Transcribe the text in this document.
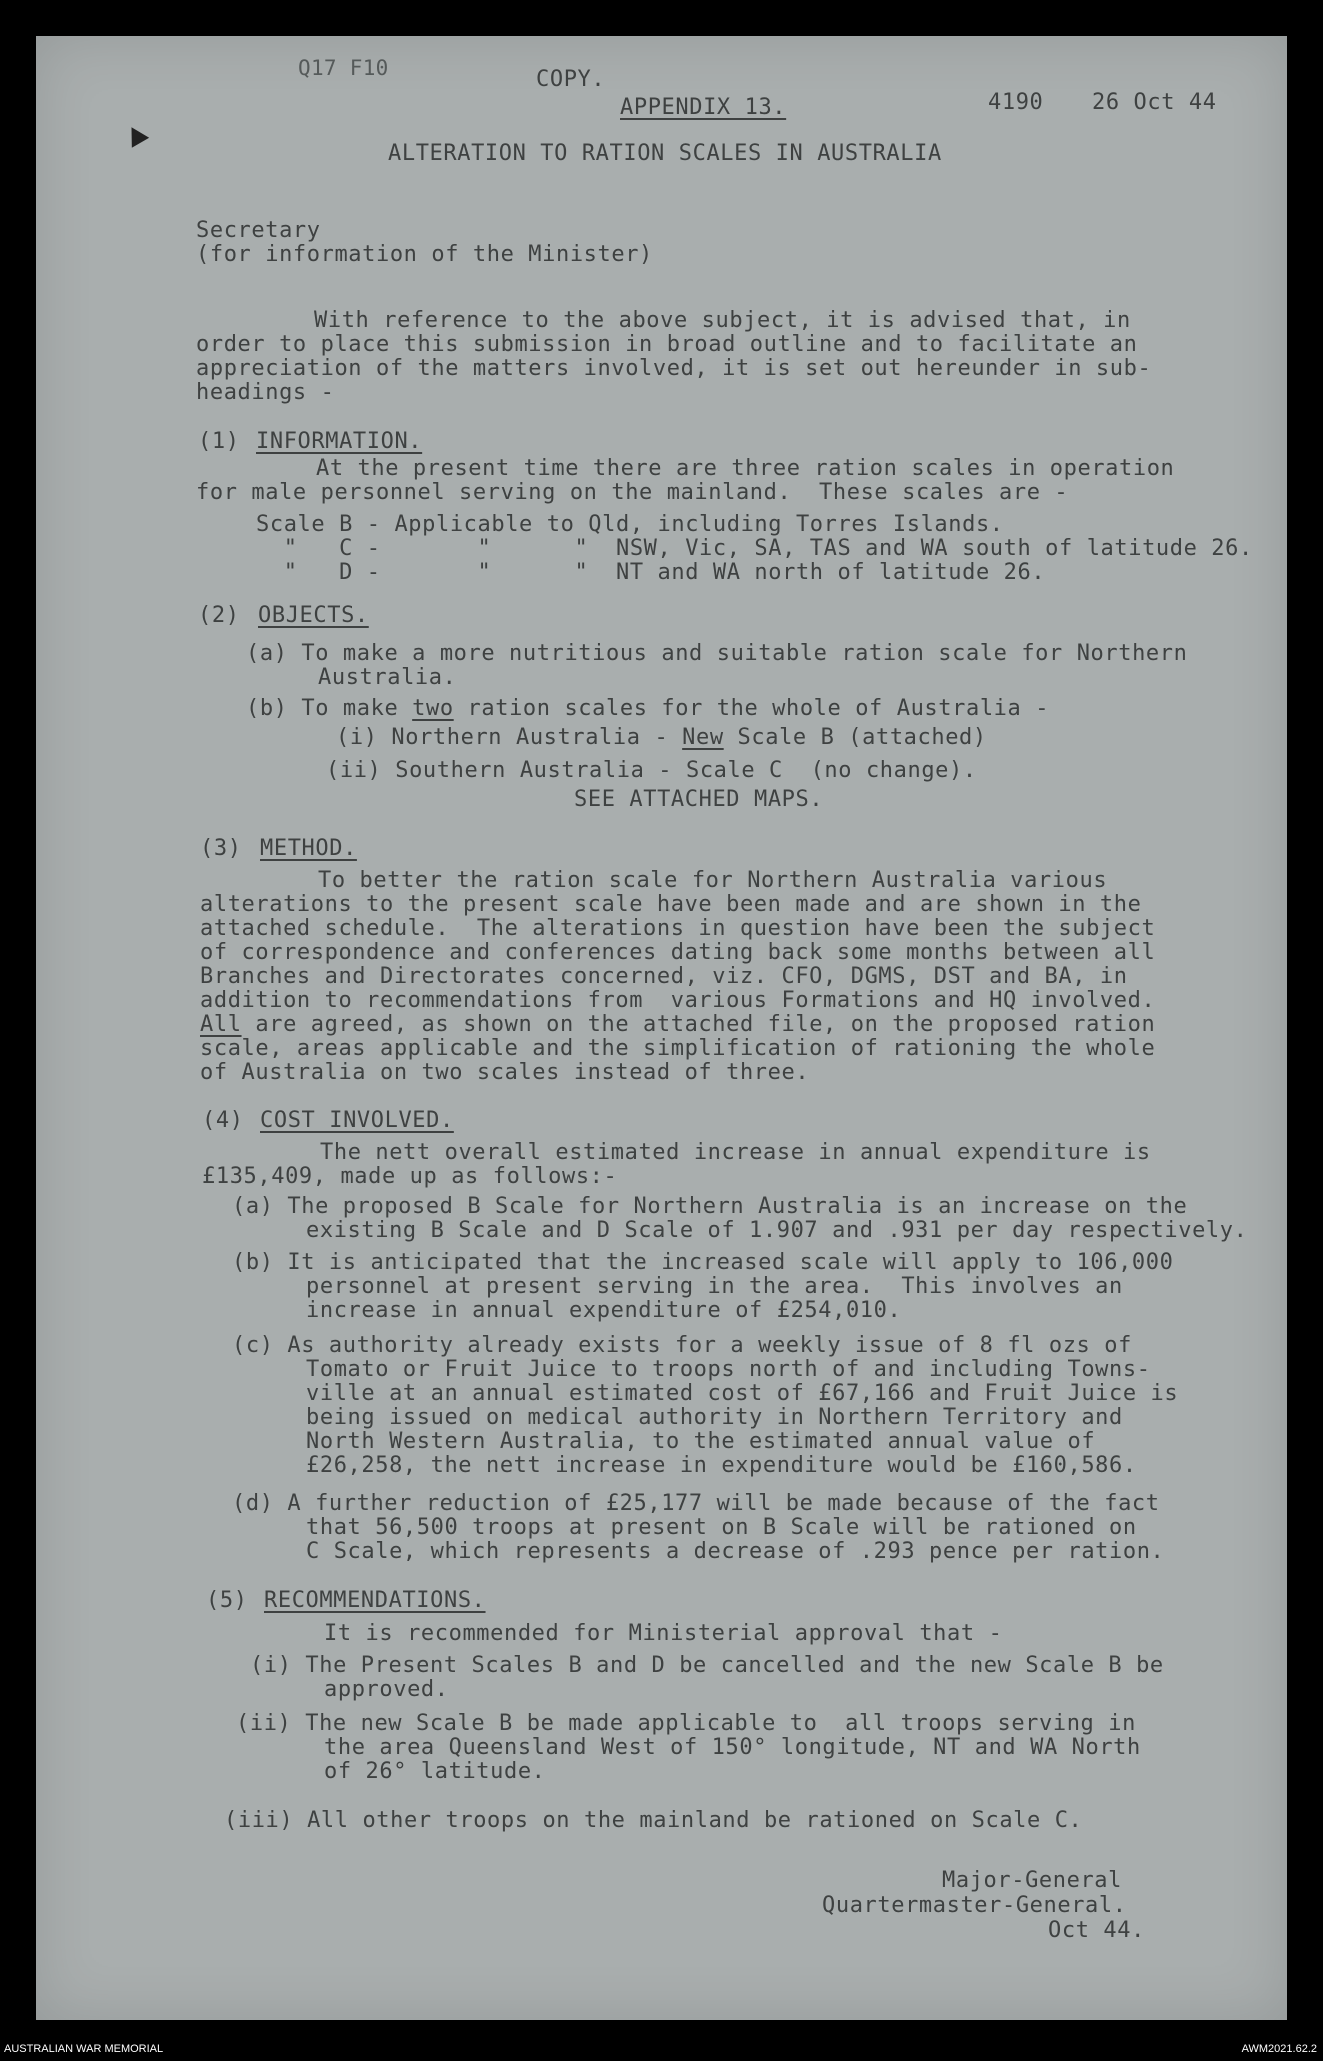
Q17 F10	COPY.
APPENDIX 13.	4190 26 Oct 44
ALTERATION TO RATION SCALES IN AUSTRALIA
Secretary
(for information of the Minister)
With reference to the above subject, it is advised that, in
order to place this submission in broad outline and to facilitate an
appreciation of the matters involved, it is set out hereunder in sub-
headings -
(1) INFORMATION.
At the present time there are three ration scales in operation
for male personnel serving on the mainland.  These scales are -
Scale B - Applicable to Qld, including Torres Islands.
"   C -       "      "  NSW, Vic, SA, TAS and WA south of latitude 26.
"   D -       "      "  NT and WA north of latitude 26.
(2) OBJECTS.
(a) To make a more nutritious and suitable ration scale for Northern
Australia.
(b) To make two ration scales for the whole of Australia -
(i) Northern Australia - New Scale B (attached)
(ii) Southern Australia - Scale C  (no change).
SEE ATTACHED MAPS.
(3) METHOD.
To better the ration scale for Northern Australia various
alterations to the present scale have been made and are shown in the
attached schedule.  The alterations in question have been the subject
of correspondence and conferences dating back some months between all
Branches and Directorates concerned, viz. CFO, DGMS, DST and BA, in
addition to recommendations from  various Formations and HQ involved.
All are agreed, as shown on the attached file, on the proposed ration
scale, areas applicable and the simplification of rationing the whole
of Australia on two scales instead of three.
(4) COST INVOLVED.
The nett overall estimated increase in annual expenditure is
£135,409, made up as follows:-
(a) The proposed B Scale for Northern Australia is an increase on the
existing B Scale and D Scale of 1.907 and .931 per day respectively.
(b) It is anticipated that the increased scale will apply to 106,000
personnel at present serving in the area.  This involves an
increase in annual expenditure of £254,010.
(c) As authority already exists for a weekly issue of 8 fl ozs of
Tomato or Fruit Juice to troops north of and including Towns-
ville at an annual estimated cost of £67,166 and Fruit Juice is
being issued on medical authority in Northern Territory and
North Western Australia, to the estimated annual value of
£26,258, the nett increase in expenditure would be £160,586.
(d) A further reduction of £25,177 will be made because of the fact
that 56,500 troops at present on B Scale will be rationed on
C Scale, which represents a decrease of .293 pence per ration.
(5) RECOMMENDATIONS.
It is recommended for Ministerial approval that -
(i) The Present Scales B and D be cancelled and the new Scale B be
approved.
(ii) The new Scale B be made applicable to  all troops serving in
the area Queensland West of 150° longitude, NT and WA North
of 26° latitude.
(iii) All other troops on the mainland be rationed on Scale C.
Major-General
Quartermaster-General.
Oct 44.
AUSTRALIAN WAR MEMORIAL	AWM2021.62.2
